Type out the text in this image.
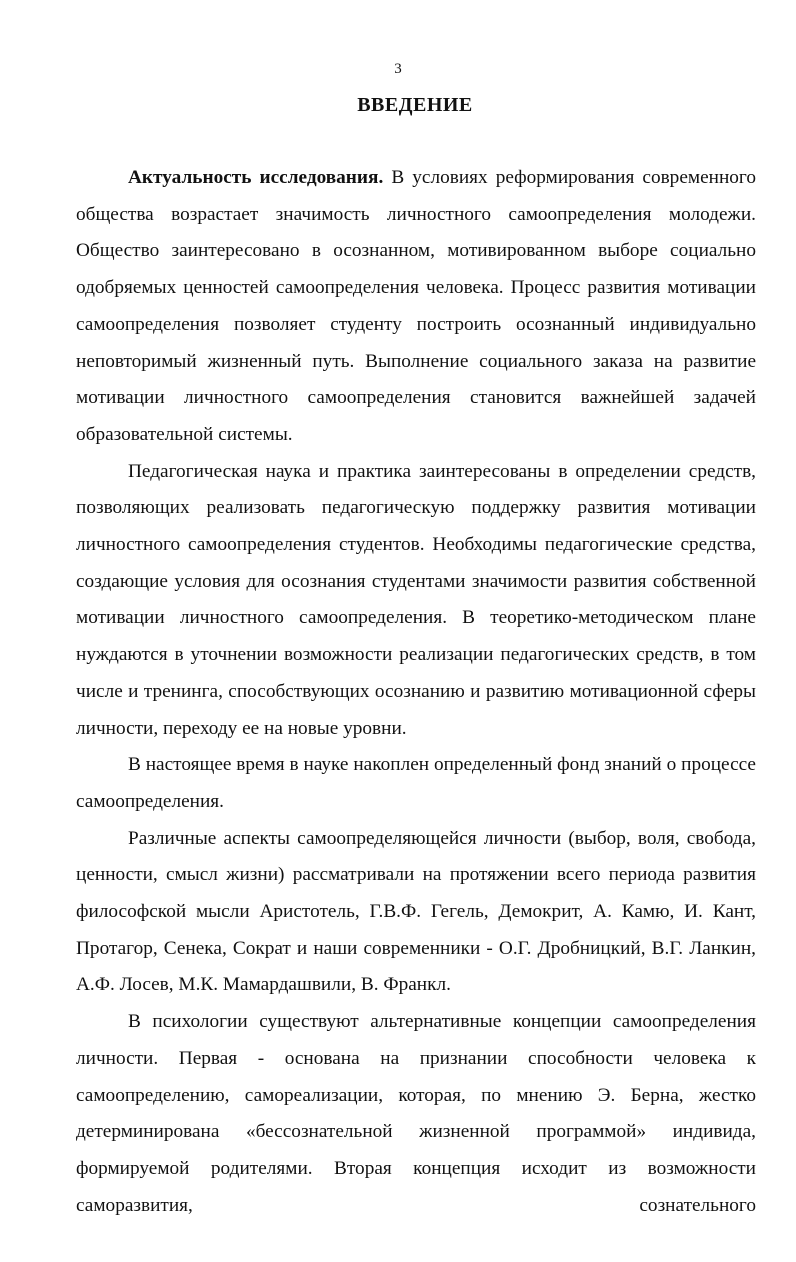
3
ВВЕДЕНИЕ

Актуальность исследования. В условиях реформирования современного общества возрастает значимость личностного самоопределения молодежи. Общество заинтересовано в осознанном, мотивированном выборе социально одобряемых ценностей самоопределения человека. Процесс развития мотивации самоопределения позволяет студенту построить осознанный индивидуально неповторимый жизненный путь. Выполнение социального заказа на развитие мотивации личностного самоопределения становится важнейшей задачей образовательной системы.

Педагогическая наука и практика заинтересованы в определении средств, позволяющих реализовать педагогическую поддержку развития мотивации личностного самоопределения студентов. Необходимы педагогические средства, создающие условия для осознания студентами значимости развития собственной мотивации личностного самоопределения. В теоретико-методическом плане нуждаются в уточнении возможности реализации педагогических средств, в том числе и тренинга, способствующих осознанию и развитию мотивационной сферы личности, переходу ее на новые уровни.

В настоящее время в науке накоплен определенный фонд знаний о процессе самоопределения.

Различные аспекты самоопределяющейся личности (выбор, воля, свобода, ценности, смысл жизни) рассматривали на протяжении всего периода развития философской мысли Аристотель, Г.В.Ф. Гегель, Демокрит, А. Камю, И. Кант, Протагор, Сенека, Сократ и наши современники - О.Г. Дробницкий, В.Г. Ланкин, А.Ф. Лосев, М.К. Мамардашвили, В. Франкл.

В психологии существуют альтернативные концепции самоопределения личности. Первая - основана на признании способности человека к самоопределению, самореализации, которая, по мнению Э. Берна, жестко детерминирована «бессознательной жизненной программой» индивида, формируемой родителями. Вторая концепция исходит из возможности саморазвития, сознательного
